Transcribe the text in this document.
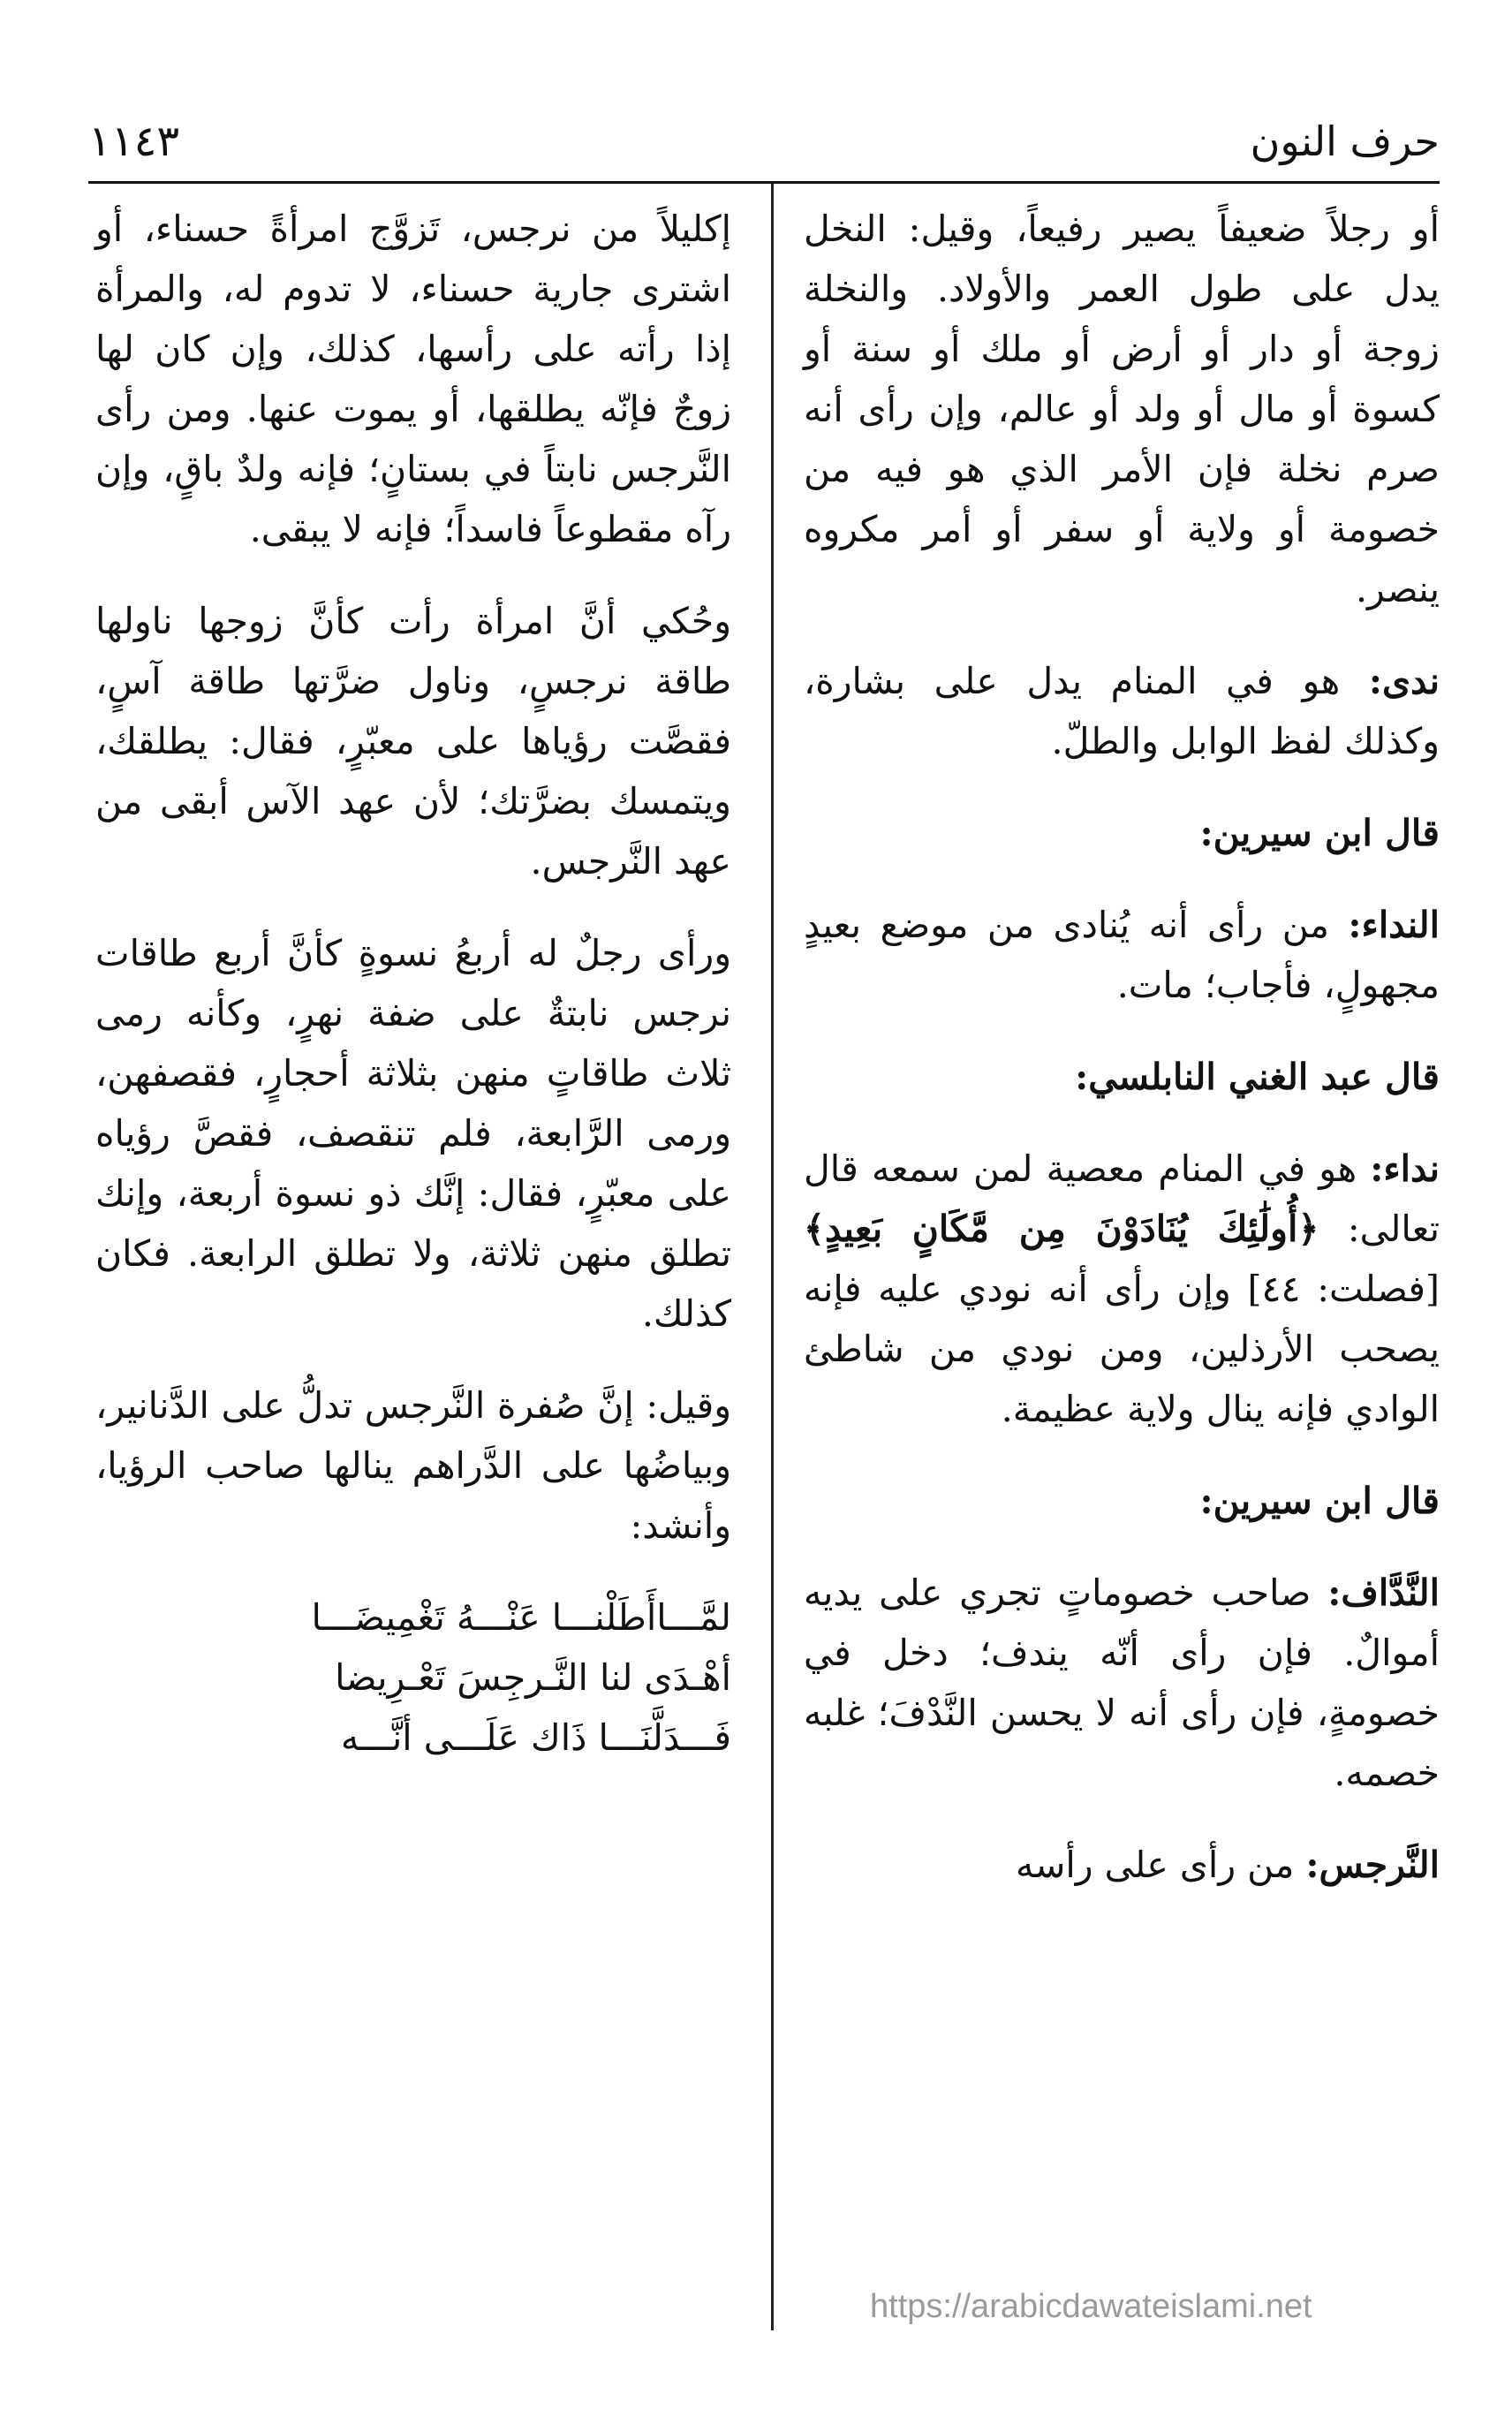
حرف النون
١١٤٣

أو رجلاً ضعيفاً يصير رفيعاً، وقيل: النخل يدل على طول العمر والأولاد. والنخلة زوجة أو دار أو أرض أو ملك أو سنة أو كسوة أو مال أو ولد أو عالم، وإن رأى أنه صرم نخلة فإن الأمر الذي هو فيه من خصومة أو ولاية أو سفر أو أمر مكروه ينصر.

ندى: هو في المنام يدل على بشارة، وكذلك لفظ الوابل والطلّ.

قال ابن سيرين:

النداء: من رأى أنه يُنادى من موضع بعيدٍ مجهولٍ، فأجاب؛ مات.

قال عبد الغني النابلسي:

نداء: هو في المنام معصية لمن سمعه قال تعالى: ﴿أُولَٰئِكَ يُنَادَوْنَ مِن مَّكَانٍ بَعِيدٍ﴾ [فصلت: ٤٤] وإن رأى أنه نودي عليه فإنه يصحب الأرذلين، ومن نودي من شاطئ الوادي فإنه ينال ولاية عظيمة.

قال ابن سيرين:

النَّدَّاف: صاحب خصوماتٍ تجري على يديه أموالٌ. فإن رأى أنّه يندف؛ دخل في خصومةٍ، فإن رأى أنه لا يحسن النَّدْفَ؛ غلبه خصمه.

النَّرجس: من رأى على رأسه

إكليلاً من نرجس، تَزوَّج امرأةً حسناء، أو اشترى جارية حسناء، لا تدوم له، والمرأة إذا رأته على رأسها، كذلك، وإن كان لها زوجٌ فإنّه يطلقها، أو يموت عنها. ومن رأى النَّرجس نابتاً في بستانٍ؛ فإنه ولدٌ باقٍ، وإن رآه مقطوعاً فاسداً؛ فإنه لا يبقى.

وحُكي أنَّ امرأة رأت كأنَّ زوجها ناولها طاقة نرجسٍ، وناول ضرَّتها طاقة آسٍ، فقصَّت رؤياها على معبّرٍ، فقال: يطلقك، ويتمسك بضرَّتك؛ لأن عهد الآس أبقى من عهد النَّرجس.

ورأى رجلٌ له أربعُ نسوةٍ كأنَّ أربع طاقات نرجس نابتةٌ على ضفة نهرٍ، وكأنه رمى ثلاث طاقاتٍ منهن بثلاثة أحجارٍ، فقصفهن، ورمى الرَّابعة، فلم تنقصف، فقصَّ رؤياه على معبّرٍ، فقال: إنَّك ذو نسوة أربعة، وإنك تطلق منهن ثلاثة، ولا تطلق الرابعة. فكان كذلك.

وقيل: إنَّ صُفرة النَّرجس تدلُّ على الدَّنانير، وبياضُها على الدَّراهم ينالها صاحب الرؤيا، وأنشد:

لمَّـــاأَطَلْنـــا عَنْـــهُ تَغْمِيضَـــا
أهْـدَى لنا النَّـرجِسَ تَعْـرِيضا
فَـــدَلَّنَـــا ذَاك عَلَـــى أنَّـــه
https://arabicdawateislami.net
